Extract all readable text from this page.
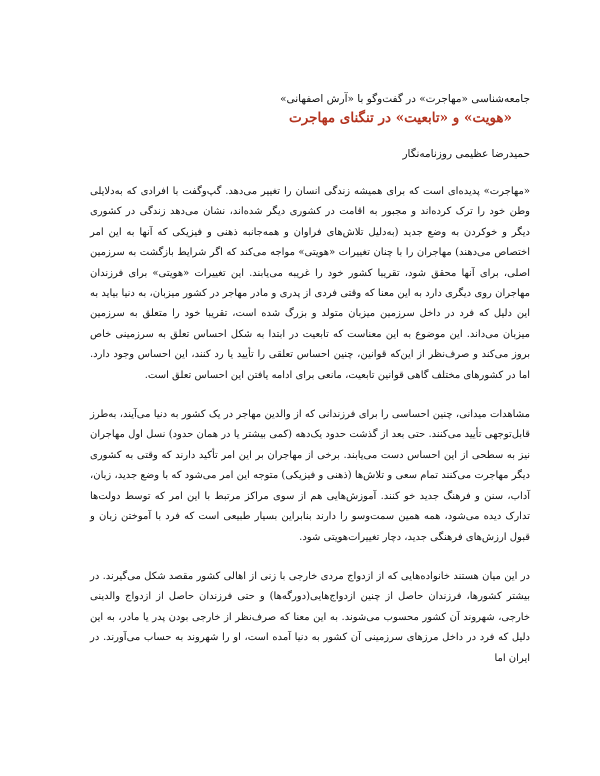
جامعه‌شناسی «مهاجرت» در گفت‌وگو با «آرش اصفهانی»

«هویت» و «تابعیت» در تنگنای مهاجرت

حمیدرضا عظیمی روزنامه‌نگار

«مهاجرت» پدیده‌ای است که برای همیشه زندگی انسان را تغییر می‌دهد. گپ‌وگفت با افرادی که به‌دلایلی وطن خود را ترک کرده‌اند و مجبور به اقامت در کشوری دیگر شده‌اند، نشان می‌دهد زندگی در کشوری دیگر و خوکردن به وضع جدید (به‌دلیل تلاش‌های فراوان و همه‌جانبه ذهنی و فیزیکی که آنها به این امر اختصاص می‌دهند) مهاجران را با چنان تغییرات «هویتی» مواجه می‌کند که اگر شرایط بازگشت به سرزمین اصلی، برای آنها محقق شود، تقریبا کشور خود را غریبه می‌یابند. این تغییرات «هویتی» برای فرزندان مهاجران روی دیگری دارد به این معنا که وقتی فردی از پدری و مادر مهاجر در کشور میزبان، به دنیا بیاید به این دلیل که فرد در داخل سرزمین میزبان متولد و بزرگ شده است، تقریبا خود را متعلق به سرزمین میزبان می‌داند. این موضوع به این معناست که تابعیت در ابتدا به شکل احساس تعلق به سرزمینی خاص بروز می‌کند و صرف‌نظر از این‌که قوانین، چنین احساس تعلقی را تأیید یا رد کنند، این احساس وجود دارد. اما در کشورهای مختلف گاهی قوانین تابعیت، مانعی برای ادامه یافتن این احساس تعلق است.

مشاهدات میدانی، چنین احساسی را برای فرزندانی که از والدین مهاجر در یک کشور به دنیا می‌آیند، به‌طرز قابل‌توجهی تأیید می‌کنند. حتی بعد از گذشت حدود یک‌دهه (کمی بیشتر یا در همان حدود) نسل اول مهاجران نیز به سطحی از این احساس دست می‌یابند. برخی از مهاجران بر این امر تأکید دارند که وقتی به کشوری دیگر مهاجرت می‌کنند تمام سعی و تلاش‌ها (ذهنی و فیزیکی) متوجه این امر می‌شود که با وضع جدید، زبان، آداب، سنن و فرهنگ جدید خو کنند. آموزش‌هایی هم از سوی مراکز مرتبط با این امر که توسط دولت‌ها تدارک دیده می‌شود، همه همین سمت‌وسو را دارند بنابراین بسیار طبیعی است که فرد با آموختن زبان و قبول ارزش‌های فرهنگی جدید، دچار تغییرات‌هویتی شود.

در این میان هستند خانواده‌هایی که از ازدواج مردی خارجی با زنی از اهالی کشور مقصد شکل می‌گیرند. در بیشتر کشورها، فرزندان حاصل از چنین ازدواج‌هایی(دورگه‌ها) و حتی فرزندان حاصل از ازدواج والدینی خارجی، شهروند آن کشور محسوب می‌شوند. به این معنا که صرف‌نظر از خارجی بودن پدر یا مادر، به این دلیل که فرد در داخل مرزهای سرزمینی آن کشور به دنیا آمده است، او را شهروند به حساب می‌آورند. در ایران اما
